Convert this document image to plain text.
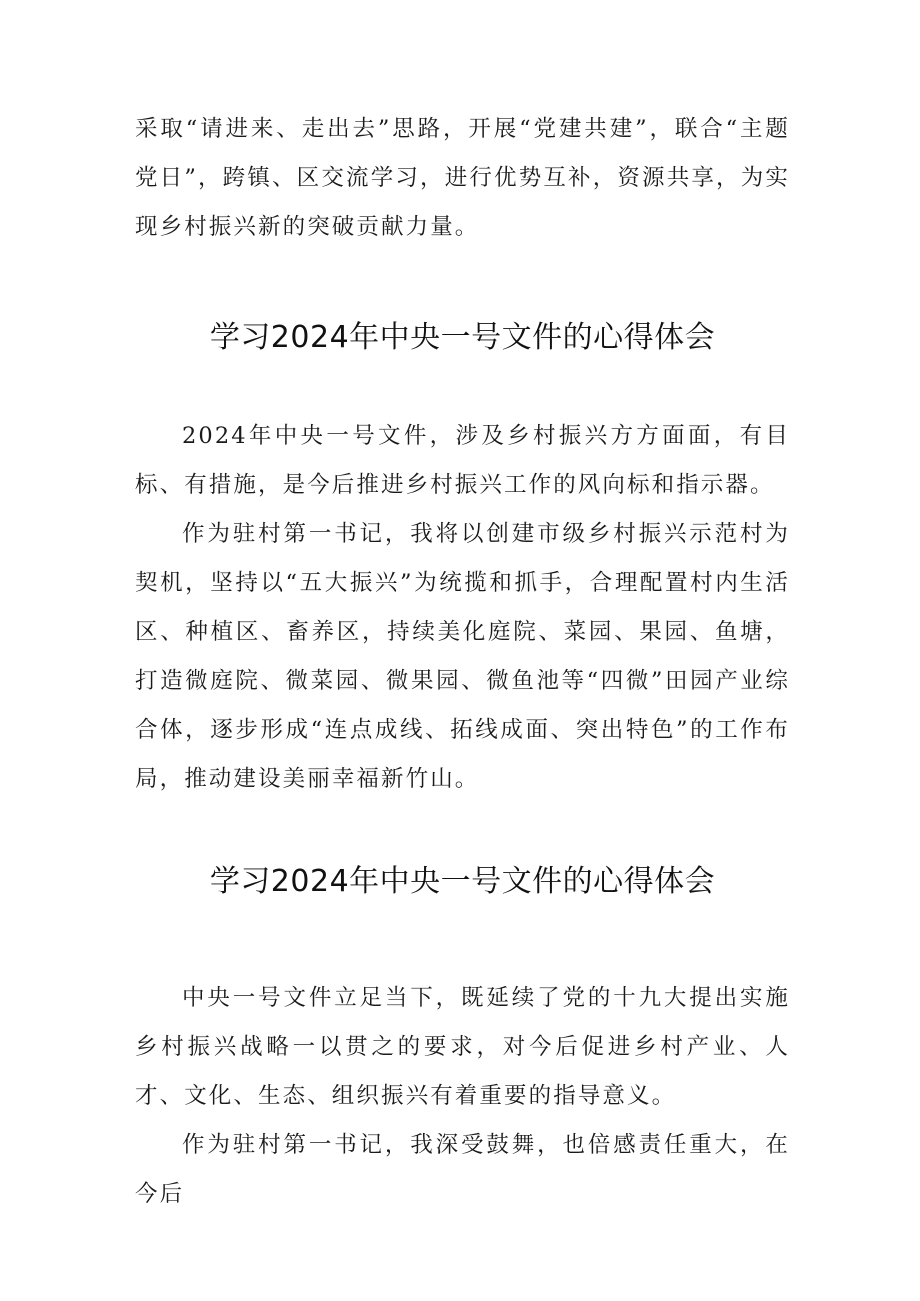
采取“请进来、走出去”思路，开展“党建共建”，联合“主题党日”，跨镇、区交流学习，进行优势互补，资源共享，为实现乡村振兴新的突破贡献力量。

学习2024年中央一号文件的心得体会

2024年中央一号文件，涉及乡村振兴方方面面，有目标、有措施，是今后推进乡村振兴工作的风向标和指示器。

作为驻村第一书记，我将以创建市级乡村振兴示范村为契机，坚持以“五大振兴”为统揽和抓手，合理配置村内生活区、种植区、畜养区，持续美化庭院、菜园、果园、鱼塘，打造微庭院、微菜园、微果园、微鱼池等“四微”田园产业综合体，逐步形成“连点成线、拓线成面、突出特色”的工作布局，推动建设美丽幸福新竹山。

学习2024年中央一号文件的心得体会

中央一号文件立足当下，既延续了党的十九大提出实施乡村振兴战略一以贯之的要求，对今后促进乡村产业、人才、文化、生态、组织振兴有着重要的指导意义。

作为驻村第一书记，我深受鼓舞，也倍感责任重大，在今后
